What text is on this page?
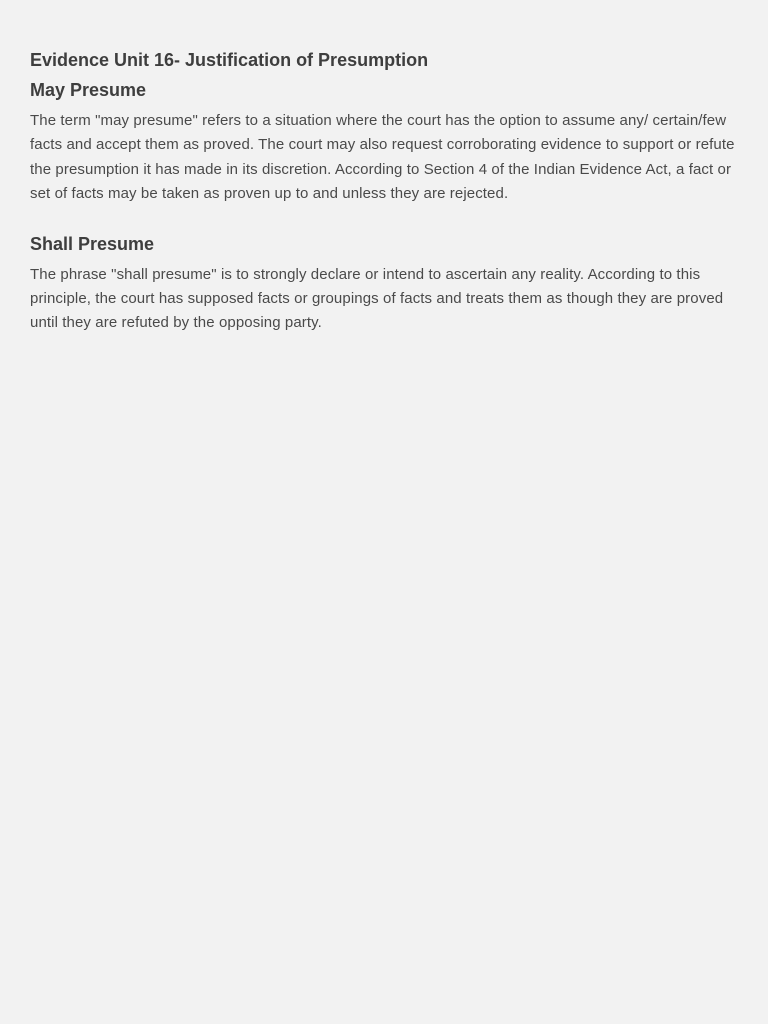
Evidence Unit 16- Justification of Presumption
May Presume

The term "may presume" refers to a situation where the court has the option to assume any/ certain/few facts and accept them as proved. The court may also request corroborating evidence to support or refute the presumption it has made in its discretion. According to Section 4 of the Indian Evidence Act, a fact or set of facts may be taken as proven up to and unless they are rejected.

Shall Presume

The phrase "shall presume" is to strongly declare or intend to ascertain any reality. According to this principle, the court has supposed facts or groupings of facts and treats them as though they are proved until they are refuted by the opposing party.
